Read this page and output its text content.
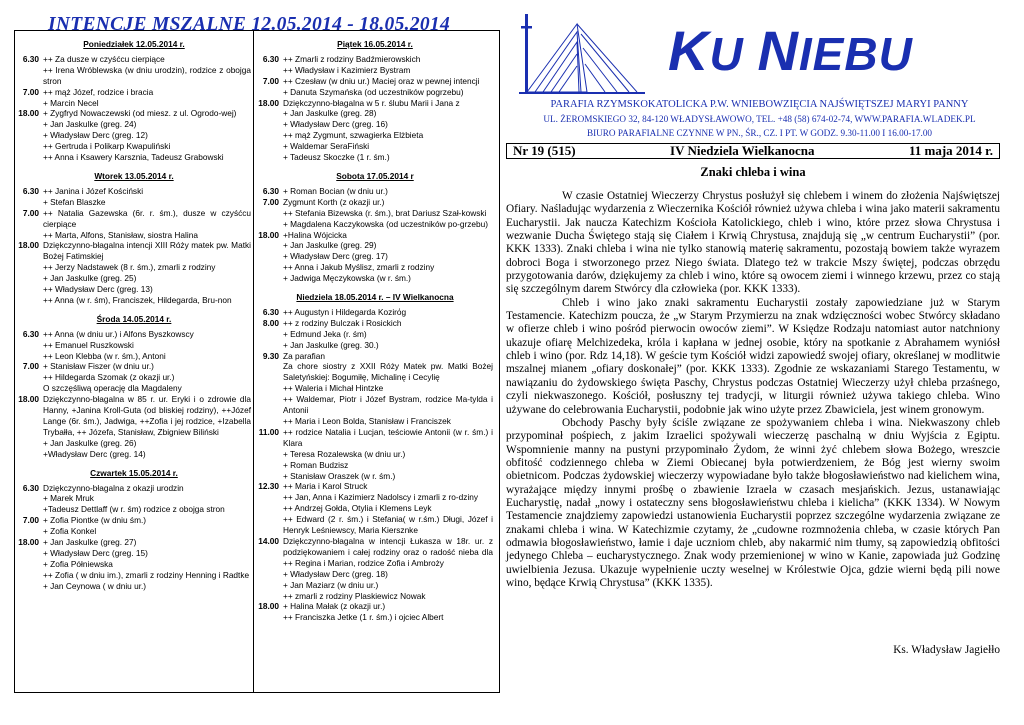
INTENCJE MSZALNE 12.05.2014 - 18.05.2014
Poniedziałek 12.05.2014 r.
6.30 ++ Za dusze w czyśćcu cierpiące
++ Irena Wróblewska (w dniu urodzin), rodzice z obojga stron
7.00 ++ mąż Józef, rodzice i bracia
+ Marcin Necel
18.00 + Zygfryd Nowaczewski (od miesz. z ul. Ogrodo-wej)
+ Jan Jaskulke (greg. 24)
+ Władysław Derc (greg. 12)
++ Gertruda i Polikarp Kwapuliński
++ Anna i Ksawery Karsznia, Tadeusz Grabowski
Wtorek 13.05.2014 r.
6.30 ++ Janina i Józef Kościński
+ Stefan Blaszke
7.00 ++ Natalia Gazewska (6r. r. śm.), dusze w czyśćcu cierpiące
++ Marta, Alfons, Stanisław, siostra Halina
18.00 Dziękczynno-błagalna intencji XIII Róży matek pw. Matki Bożej Fatimskiej
++ Jerzy Nadstawek (8 r. śm.), zmarli z rodziny
+ Jan Jaskulke (greg. 25)
++ Władysław Derc (greg. 13)
++ Anna (w r. śm), Franciszek, Hildegarda, Bru-non
Środa 14.05.2014 r.
6.30 ++ Anna (w dniu ur.) i Alfons Byszkowscy
++ Emanuel Ruszkowski
++ Leon Klebba (w r. śm.), Antoni
7.00 + Stanisław Fiszer (w dniu ur.)
++ Hildegarda Szomak (z okazji ur.)
O szczęśliwą operację dla Magdaleny
18.00 Dziękczynno-błagalna w 85 r. ur. Eryki i o zdrowie dla Hanny, +Janina Kroll-Guta (od bliskiej rodziny), ++Józef Lange (6r. śm.), Jadwiga, ++Zofia i jej rodzice, +Izabella Trybałła, ++ Józefa, Stanisław, Zbigniew Biliński
+ Jan Jaskulke (greg. 26)
+Władysław Derc (greg. 14)
Czwartek 15.05.2014 r.
6.30 Dziękczynno-błagalna z okazji urodzin
+ Marek Mruk
+Tadeusz Dettlaff (w r. śm) rodzice z obojga stron
7.00 + Zofia Piontke (w dniu śm.)
+ Zofia Konkel
18.00 + Jan Jaskulke (greg. 27)
+ Władysław Derc (greg. 15)
+ Zofia Półniewska
++ Zofia ( w dniu im.), zmarli z rodziny Henning i Radtke
+ Jan Ceynowa ( w dniu ur.)
Piątek 16.05.2014 r.
6.30 ++ Zmarli z rodziny Badźmierowskich
++ Władysław i Kazimierz Bystram
7.00 ++ Czesław (w dniu ur.) Maciej oraz w pewnej intencji
+ Danuta Szymańska (od uczestników pogrzebu)
18.00 Dziękczynno-błagalna w 5 r. ślubu Marii i Jana z
+ Jan Jaskulke (greg. 28)
+ Władysław Derc (greg. 16)
++ mąż Zygmunt, szwagierka Elżbieta
+ Waldemar SeraFiński
+ Tadeusz Skoczke (1 r. śm.)
Sobota 17.05.2014 r
6.30 + Roman Bocian (w dniu ur.)
7.00 Zygmunt Korth (z okazji ur.)
++ Stefania Bizewska (r. śm.), brat Dariusz Szał-kowski
+ Magdalena Kaczykowska (od uczestników po-grzebu)
18.00 +Halina Wójcicka
+ Jan Jaskulke (greg. 29)
+ Władysław Derc (greg. 17)
++ Anna i Jakub Myślisz, zmarli z rodziny
+ Jadwiga Męczykowska (w r. śm.)
Niedziela 18.05.2014 r. – IV Wielkanocna
6.30 ++ Augustyn i Hildegarda Kozirόg
8.00 ++ z rodziny Bulczak i Rosickich
+ Edmund Jeka (r. śm)
+ Jan Jaskulke (greg. 30.)
9.30 Za parafian
Za chore siostry z XXII Róży Matek pw. Matki Bożej Saletyńskiej: Bogumiłę, Michalinę i Cecylię
++ Waleria i Michał Hintzke
++ Waldemar, Piotr i Józef Bystram, rodzice Ma-tylda i Antonii
++ Maria i Leon Bolda, Stanisław i Franciszek
11.00 ++ rodzice Natalia i Lucjan, teściowie Antonii (w r. śm.) i Klara
+ Teresa Rozalewska (w dniu ur.)
+ Roman Budzisz
+ Stanisław Oraszek (w r. śm.)
12.30 ++ Maria i Karol Struck
++ Jan, Anna i Kazimierz Nadolscy i zmarli z ro-dziny
++ Andrzej Gołda, Otylia i Klemens Leyk
++ Edward (2 r. śm.) i Stefania( w r.śm.) Długi, Józef i Henryk Leśniewscy, Maria Kiersznke
14.00 Dziękczynno-błagalna w intencji Łukasza w 18r. ur. z podziękowaniem i całej rodziny oraz o radość nieba dla ++ Regina i Marian, rodzice Zofia i Ambroży
+ Władysław Derc (greg. 18)
+ Jan Maziarz (w dniu ur.)
++ zmarli z rodziny Plaskiewicz Nowak
18.00 + Halina Małak (z okazji ur.)
++ Franciszka Jetke (1 r. śm.) i ojciec Albert
KU NIEBU
PARAFIA RZYMSKOKATOLICKA P.W. WNIEBOWZIĘCIA NAJŚWIĘTSZEJ MARYI PANNY
UL. ŻEROMSKIEGO 32, 84-120 WŁADYSŁAWOWO, TEL. +48 (58) 674-02-74, WWW.PARAFIA.WLADEK.PL
BIURO PARAFIALNE CZYNNE W PN., ŚR., CZ. I PT. W GODZ. 9.30-11.00 I 16.00-17.00
Nr 19 (515)	IV Niedziela Wielkanocna	11 maja 2014 r.
Znaki chleba i wina

W czasie Ostatniej Wieczerzy Chrystus posłużył się chlebem i winem do złożenia Najświętszej Ofiary. Naśladując wydarzenia z Wieczernika Kościół również używa chleba i wina jako materii sakramentu Eucharystii. Jak naucza Katechizm Kościoła Katolickiego, chleb i wino, które przez słowa Chrystusa i wezwanie Ducha Świętego stają się Ciałem i Krwią Chrystusa, znajdują się „w centrum Eucharystii” (por. KKK 1333). Znaki chleba i wina nie tylko stanowią materię sakramentu, pozostają bowiem także wyrazem dobroci Boga i stworzonego przez Niego świata. Dlatego też w trakcie Mszy świętej, podczas obrzędu przygotowania darów, dziękujemy za chleb i wino, które są owocem ziemi i winnego krzewu, przez co stają się szczególnym darem Stwórcy dla człowieka (por. KKK 1333).

Chleb i wino jako znaki sakramentu Eucharystii zostały zapowiedziane już w Starym Testamencie. Katechizm poucza, że „w Starym Przymierzu na znak wdzięczności wobec Stwórcy składano w ofierze chleb i wino pośród pierwocin owoców ziemi”. W Księdze Rodzaju natomiast autor natchniony ukazuje ofiarę Melchizedeka, króla i kapłana w jednej osobie, który na spotkanie z Abrahamem wyniósł chleb i wino (por. Rdz 14,18). W geście tym Kościół widzi zapowiedź swojej ofiary, określanej w modlitwie mszalnej mianem „ofiary doskonałej” (por. KKK 1333). Zgodnie ze wskazaniami Starego Testamentu, w nawiązaniu do żydowskiego święta Paschy, Chrystus podczas Ostatniej Wieczerzy użył chleba przaśnego, czyli niekwaszonego. Kościół, posłuszny tej tradycji, w liturgii również używa takiego chleba. Wino używane do celebrowania Eucharystii, podobnie jak wino użyte przez Zbawiciela, jest winem gronowym.

Obchody Paschy były ściśle związane ze spożywaniem chleba i wina. Niekwaszony chleb przypominał pośpiech, z jakim Izraelici spożywali wieczerzę paschalną w dniu Wyjścia z Egiptu. Wspomnienie manny na pustyni przypominało Żydom, że winni żyć chlebem słowa Bożego, wreszcie obfitość codziennego chleba w Ziemi Obiecanej była potwierdzeniem, że Bóg jest wierny swoim obietnicom. Podczas żydowskiej wieczerzy wypowiadane było także błogosławieństwo nad kielichem wina, wyrażające między innymi prośbę o zbawienie Izraela w czasach mesjańskich. Jezus, ustanawiając Eucharystię, nadał „nowy i ostateczny sens błogosławieństwu chleba i kielicha” (KKK 1334). W Nowym Testamencie znajdziemy zapowiedzi ustanowienia Eucharystii poprzez szczególne wydarzenia związane ze znakami chleba i wina. W Katechizmie czytamy, że „cudowne rozmnożenia chleba, w czasie których Pan odmawia błogosławieństwo, łamie i daje uczniom chleb, aby nakarmić nim tłumy, są zapowiedzią obfitości jedynego Chleba – eucharystycznego. Znak wody przemienionej w wino w Kanie, zapowiada już Godzinę uwielbienia Jezusa. Ukazuje wypełnienie uczty weselnej w Królestwie Ojca, gdzie wierni będą pili nowe wino, będące Krwią Chrystusa” (KKK 1335).

Ks. Władysław Jagiełło
